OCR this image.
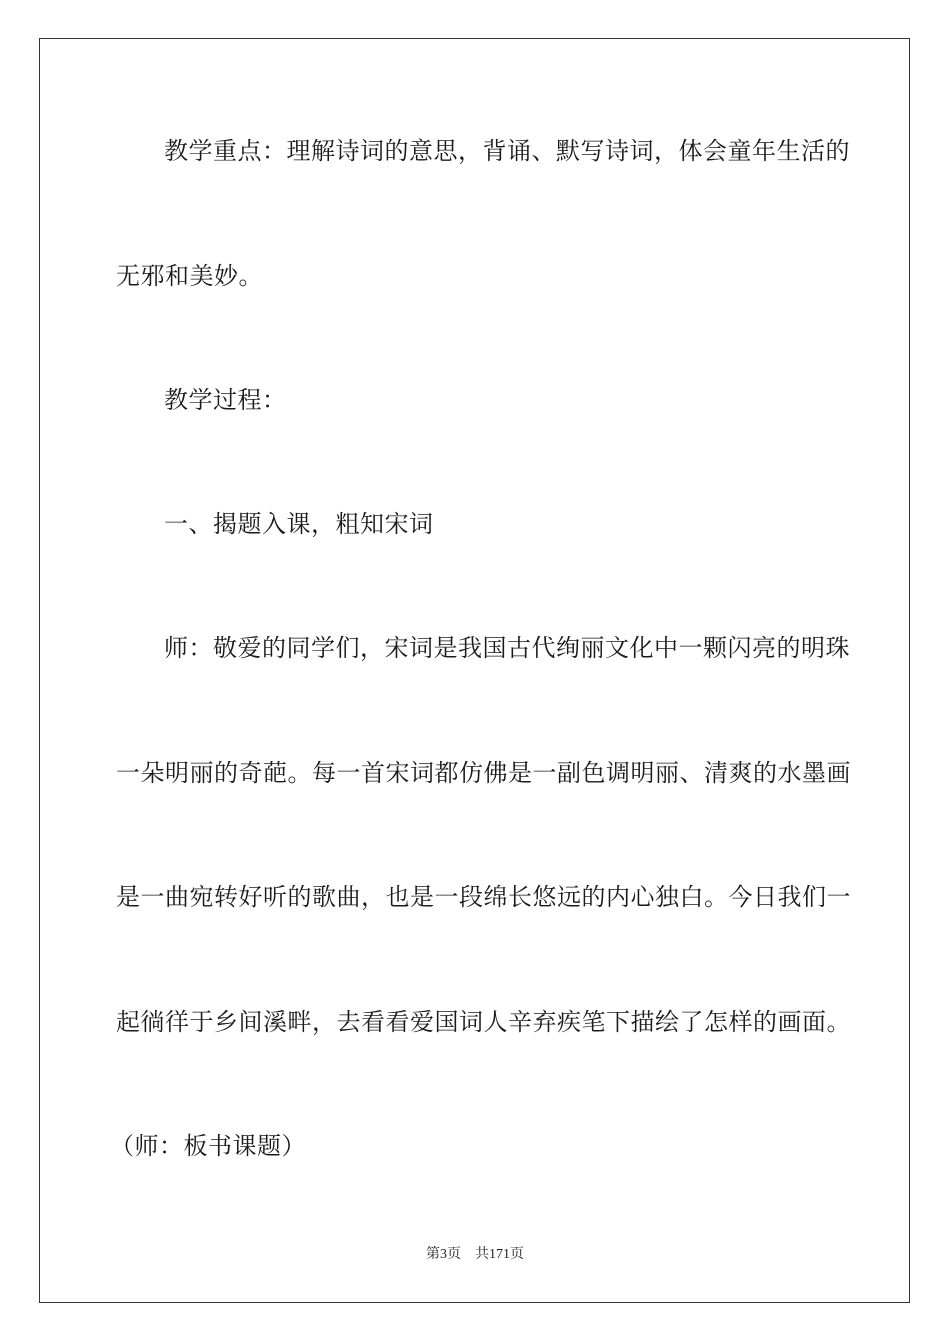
教学重点：理解诗词的意思，背诵、默写诗词，体会童年生活的
无邪和美妙。
教学过程：
一、揭题入课，粗知宋词
师：敬爱的同学们，宋词是我国古代绚丽文化中一颗闪亮的明珠
一朵明丽的奇葩。每一首宋词都仿佛是一副色调明丽、清爽的水墨画
是一曲宛转好听的歌曲，也是一段绵长悠远的内心独白。今日我们一
起徜徉于乡间溪畔，去看看爱国词人辛弃疾笔下描绘了怎样的画面。
（师：板书课题）
第3页 共171页
